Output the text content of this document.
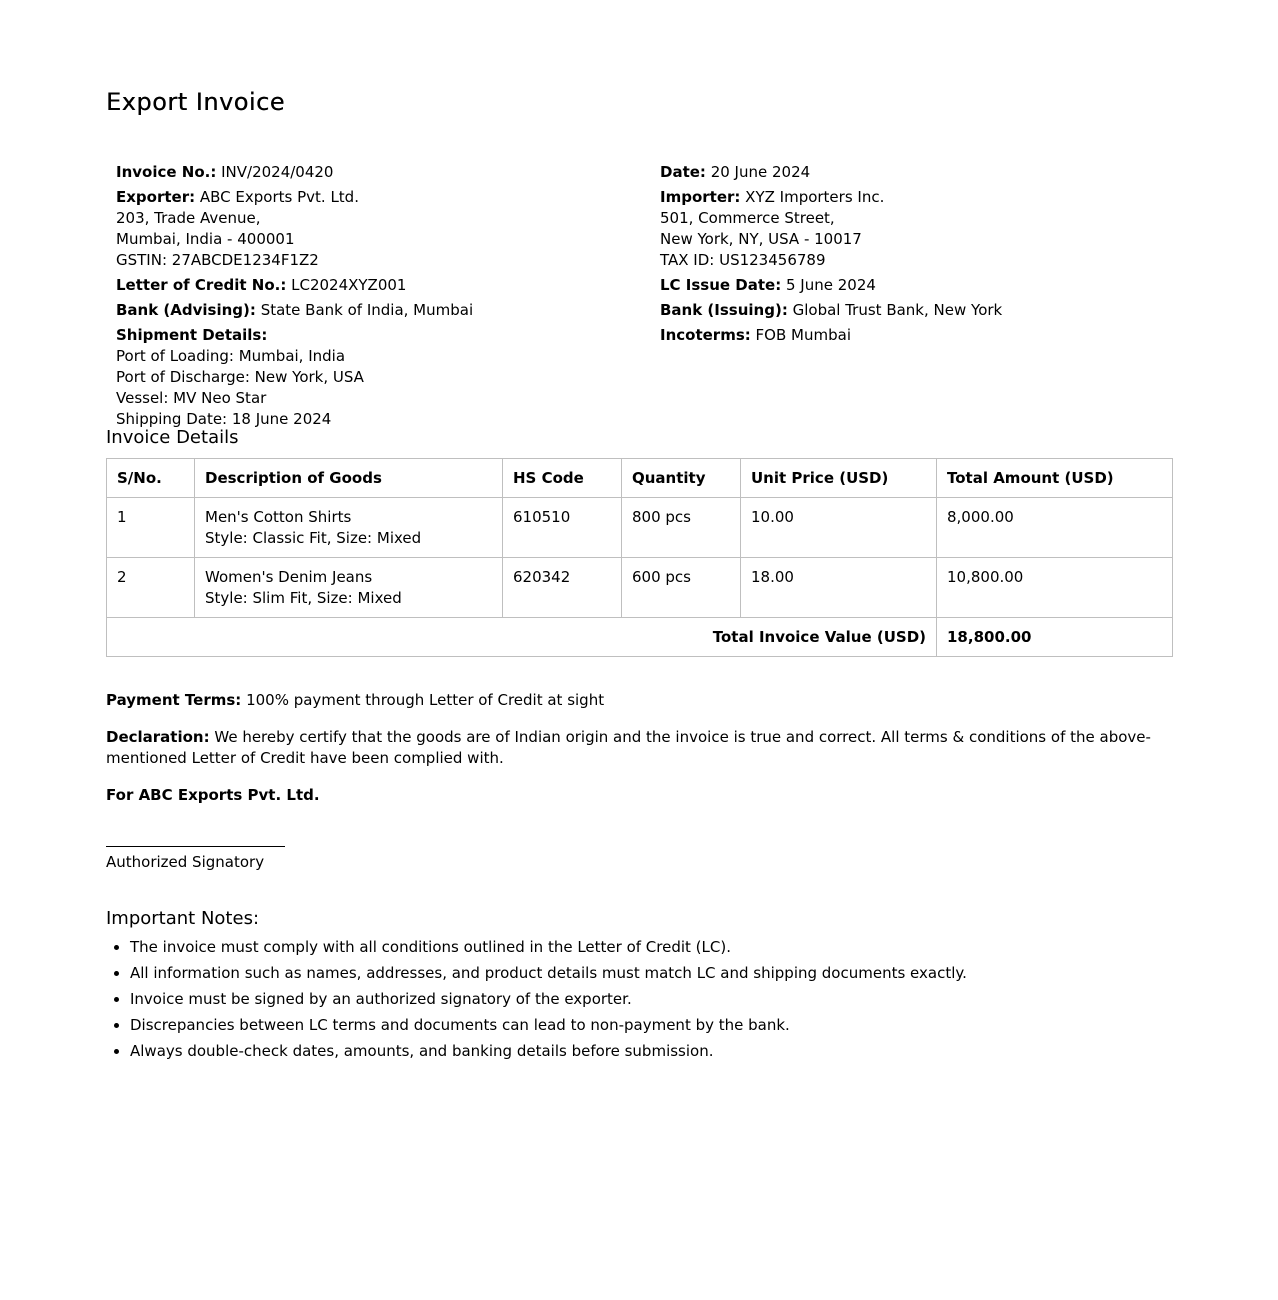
Export Invoice
Invoice No.: INV/2024/0420
Exporter: ABC Exports Pvt. Ltd.
203, Trade Avenue,
Mumbai, India - 400001
GSTIN: 27ABCDE1234F1Z2
Letter of Credit No.: LC2024XYZ001
Bank (Advising): State Bank of India, Mumbai
Shipment Details:
Port of Loading: Mumbai, India
Port of Discharge: New York, USA
Vessel: MV Neo Star
Shipping Date: 18 June 2024
Date: 20 June 2024
Importer: XYZ Importers Inc.
501, Commerce Street,
New York, NY, USA - 10017
TAX ID: US123456789
LC Issue Date: 5 June 2024
Bank (Issuing): Global Trust Bank, New York
Incoterms: FOB Mumbai
Invoice Details
S/No.	Description of Goods	HS Code	Quantity	Unit Price (USD)	Total Amount (USD)
1	Men's Cotton Shirts
Style: Classic Fit, Size: Mixed	610510	800 pcs	10.00	8,000.00
2	Women's Denim Jeans
Style: Slim Fit, Size: Mixed	620342	600 pcs	18.00	10,800.00
Total Invoice Value (USD)					18,800.00

Payment Terms: 100% payment through Letter of Credit at sight

Declaration: We hereby certify that the goods are of Indian origin and the invoice is true and correct. All terms & conditions of the above-mentioned Letter of Credit have been complied with.

For ABC Exports Pvt. Ltd.

Authorized Signatory

Important Notes:
• The invoice must comply with all conditions outlined in the Letter of Credit (LC).
• All information such as names, addresses, and product details must match LC and shipping documents exactly.
• Invoice must be signed by an authorized signatory of the exporter.
• Discrepancies between LC terms and documents can lead to non-payment by the bank.
• Always double-check dates, amounts, and banking details before submission.
